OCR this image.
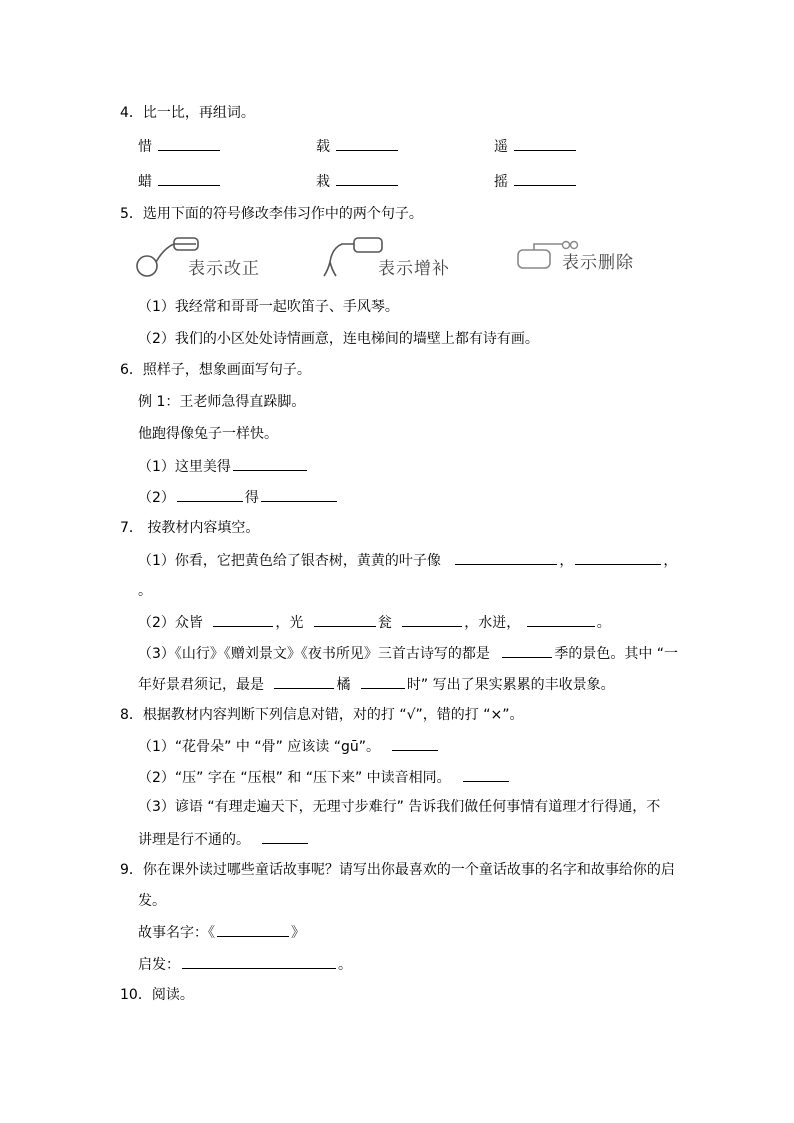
4．比一比，再组词。
惜	载	遥
蜡	栽	摇
5．选用下面的符号修改李伟习作中的两个句子。
表示改正	表示增补	表示删除
（1）我经常和哥哥一起吹笛子、手风琴。
（2）我们的小区处处诗情画意，连电梯间的墙壁上都有诗有画。
6．照样子，想象画面写句子。
例 1：王老师急得直跺脚。
他跑得像兔子一样快。
（1）这里美得
（2）	得
7． 按教材内容填空。
（1）你看，它把黄色给了银杏树，黄黄的叶子像	，	，
。
（2）众皆	，光	瓮	，水迸，	。
（3）《山行》《赠刘景文》《夜书所见》三首古诗写的都是	季的景色。其中 “一
年好景君须记，最是	橘	时” 写出了果实累累的丰收景象。
8．根据教材内容判断下列信息对错，对的打 “√”，错的打 “×”。
（1）“花骨朵” 中 “骨” 应该读 “gū”。
（2）“压” 字在 “压根” 和 “压下来” 中读音相同。
（3）谚语 “有理走遍天下，无理寸步难行” 告诉我们做任何事情有道理才行得通，不
讲理是行不通的。
9．你在课外读过哪些童话故事呢？请写出你最喜欢的一个童话故事的名字和故事给你的启
发。
故事名字：《	》
启发：	。
10．阅读。
